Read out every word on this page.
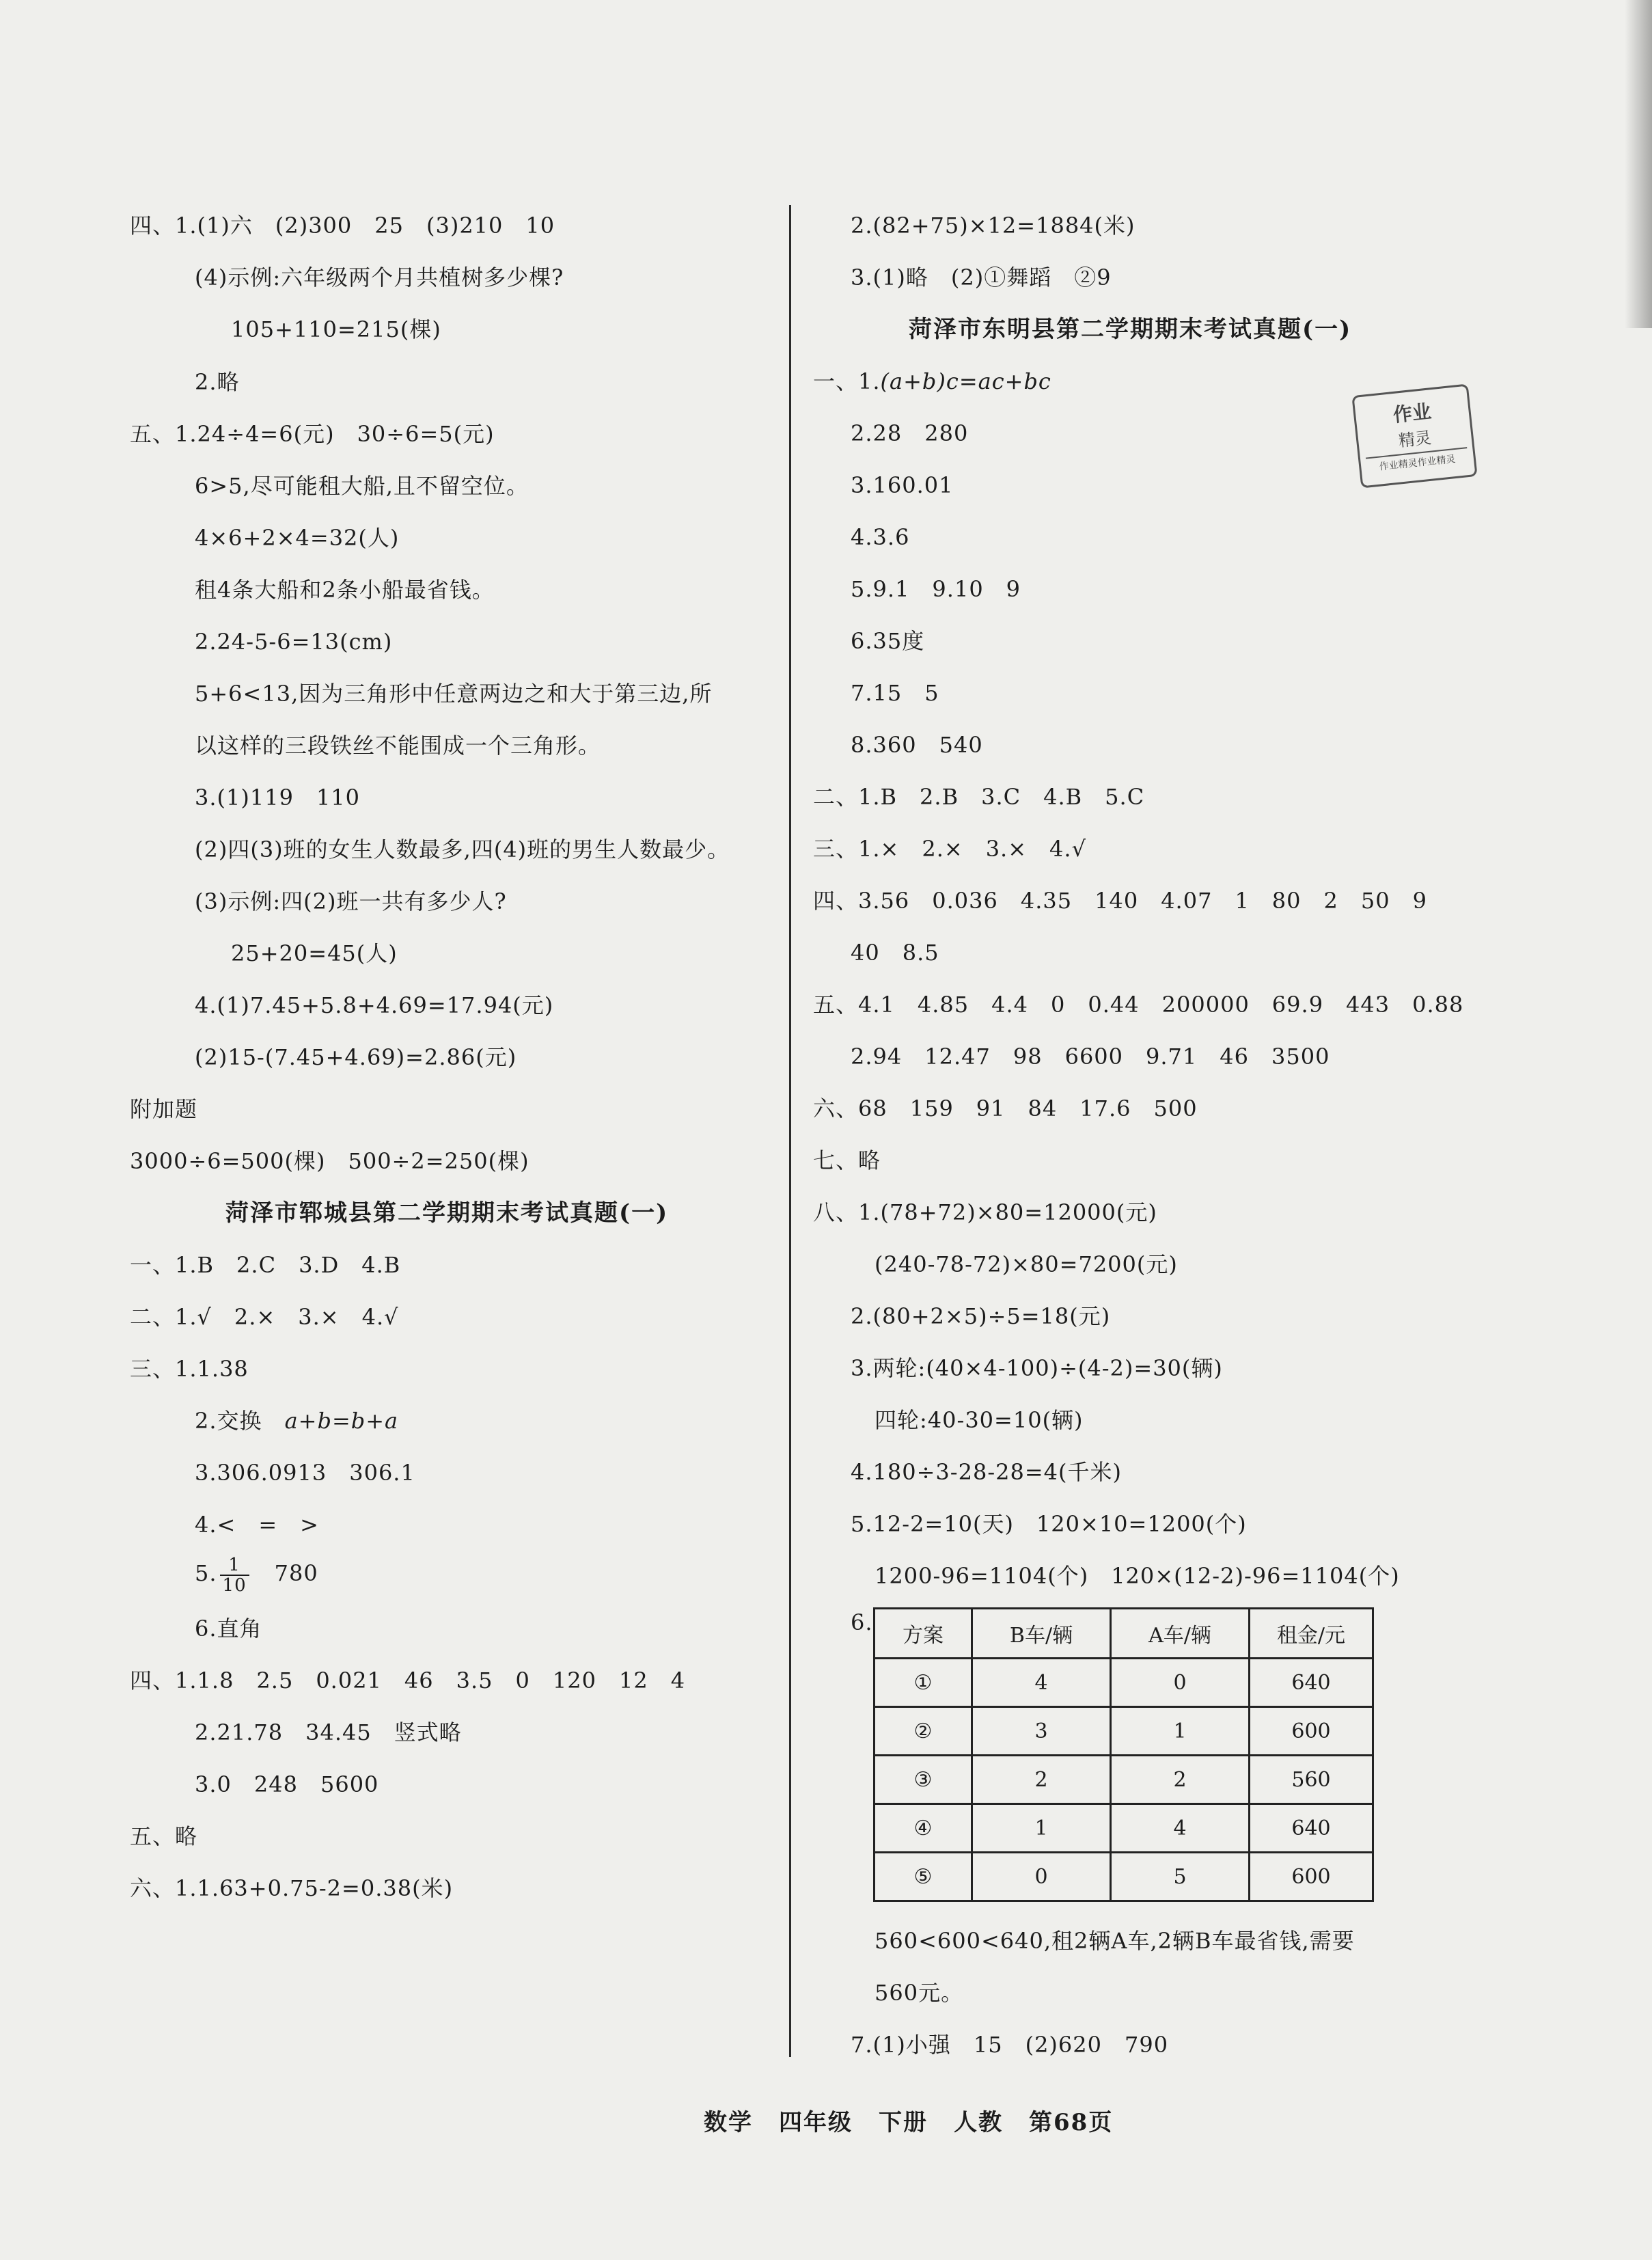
菏泽市郓城县第二学期期末考试真题(一)
2.交换　 a+b=b+a
5. $\frac{1}{10}$
　 780
菏泽市东明县第二学期期末考试真题(一)
一、1.(a+b)c=ac+bc
作业
精灵
作业精灵作业精灵
方案	B车/辆	A车/辆	租金/元
①	4	0	640
②	3	1	600
③	2	2	560
④	1	4	640
⑤	0	5	600
数学 四年级 下册 人教 第68页
四、1.(1)六　(2)300　25　(3)210　10
(4)示例:六年级两个月共植树多少棵?
105+110=215(棵)
2.略
五、1.24÷4=6(元)　30÷6=5(元)
6>5,尽可能租大船,且不留空位。
4×6+2×4=32(人)
租4条大船和2条小船最省钱。
2.24-5-6=13(cm)
5+6<13,因为三角形中任意两边之和大于第三边,所
以这样的三段铁丝不能围成一个三角形。
3.(1)119　110
(2)四(3)班的女生人数最多,四(4)班的男生人数最少。
(3)示例:四(2)班一共有多少人?
25+20=45(人)
4.(1)7.45+5.8+4.69=17.94(元)
(2)15-(7.45+4.69)=2.86(元)
附加题
3000÷6=500(棵)　500÷2=250(棵)
一、1.B　2.C　3.D　4.B
二、1.√　2.×　3.×　4.√
三、1.1.38
3.306.0913　306.1
4.<　=　>
6.直角
四、1.1.8　2.5　0.021　46　3.5　0　120　12　4
2.21.78　34.45　竖式略
3.0　248　5600
五、略
六、1.1.63+0.75-2=0.38(米)
2.(82+75)×12=1884(米)
3.(1)略　(2)①舞蹈　②9
2.28　280
3.160.01
4.3.6
5.9.1　9.10　9
6.35度
7.15　5
8.360　540
二、1.B　2.B　3.C　4.B　5.C
三、1.×　2.×　3.×　4.√
四、3.56　0.036　4.35　140　4.07　1　80　2　50　9
40　8.5
五、4.1　4.85　4.4　0　0.44　200000　69.9　443　0.88
2.94　12.47　98　6600　9.71　46　3500
六、68　159　91　84　17.6　500
七、略
八、1.(78+72)×80=12000(元)
(240-78-72)×80=7200(元)
2.(80+2×5)÷5=18(元)
3.两轮:(40×4-100)÷(4-2)=30(辆)
四轮:40-30=10(辆)
4.180÷3-28-28=4(千米)
5.12-2=10(天)　120×10=1200(个)
1200-96=1104(个)　120×(12-2)-96=1104(个)
6.
560<600<640,租2辆A车,2辆B车最省钱,需要
560元。
7.(1)小强　15　(2)620　790
